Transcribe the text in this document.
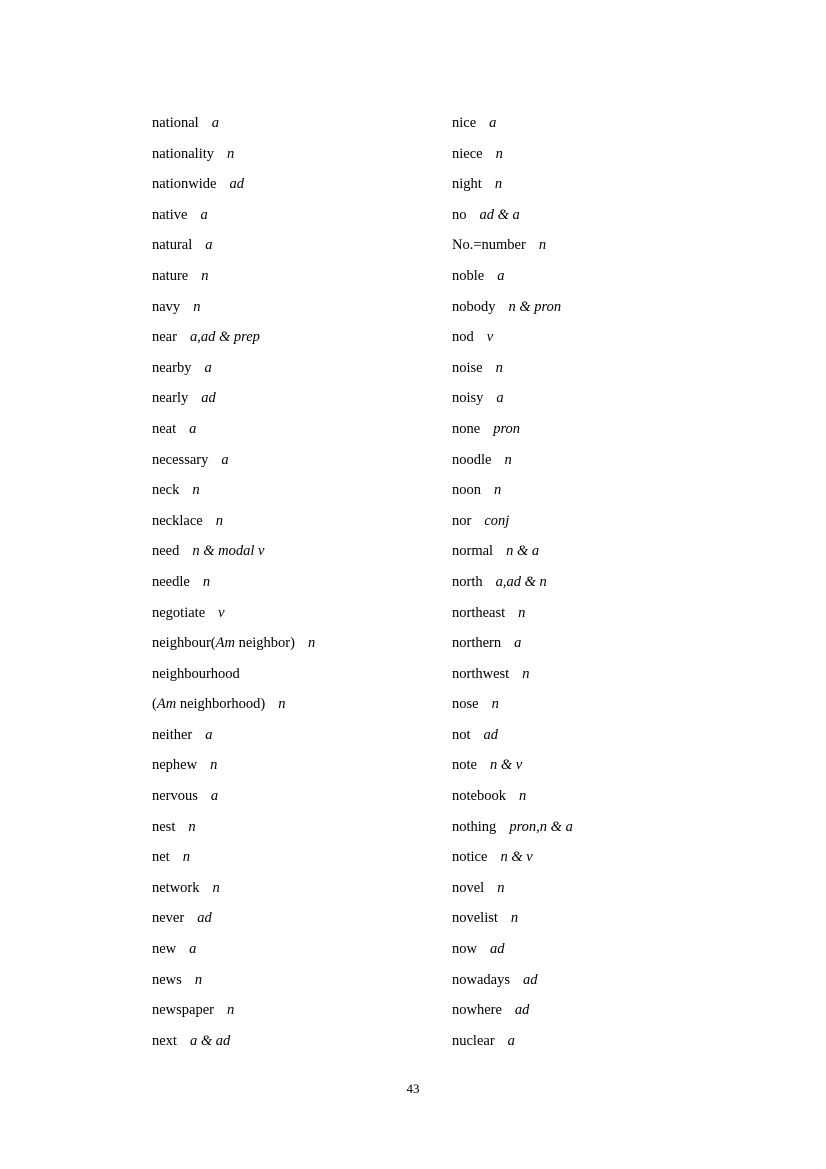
national a
nationality n
nationwide ad
native a
natural a
nature n
navy n
near a,ad & prep
nearby a
nearly ad
neat a
necessary a
neck n
necklace n
need n & modal v
needle n
negotiate v
neighbour(Am neighbor) n
neighbourhood
(Am neighborhood) n
neither a
nephew n
nervous a
nest n
net n
network n
never ad
new a
news n
newspaper n
next a & ad
nice a
niece n
night n
no ad & a
No.=number n
noble a
nobody n & pron
nod v
noise n
noisy a
none pron
noodle n
noon n
nor conj
normal n & a
north a,ad & n
northeast n
northern a
northwest n
nose n
not ad
note n & v
notebook n
nothing pron,n & a
notice n & v
novel n
novelist n
now ad
nowadays ad
nowhere ad
nuclear a
43
